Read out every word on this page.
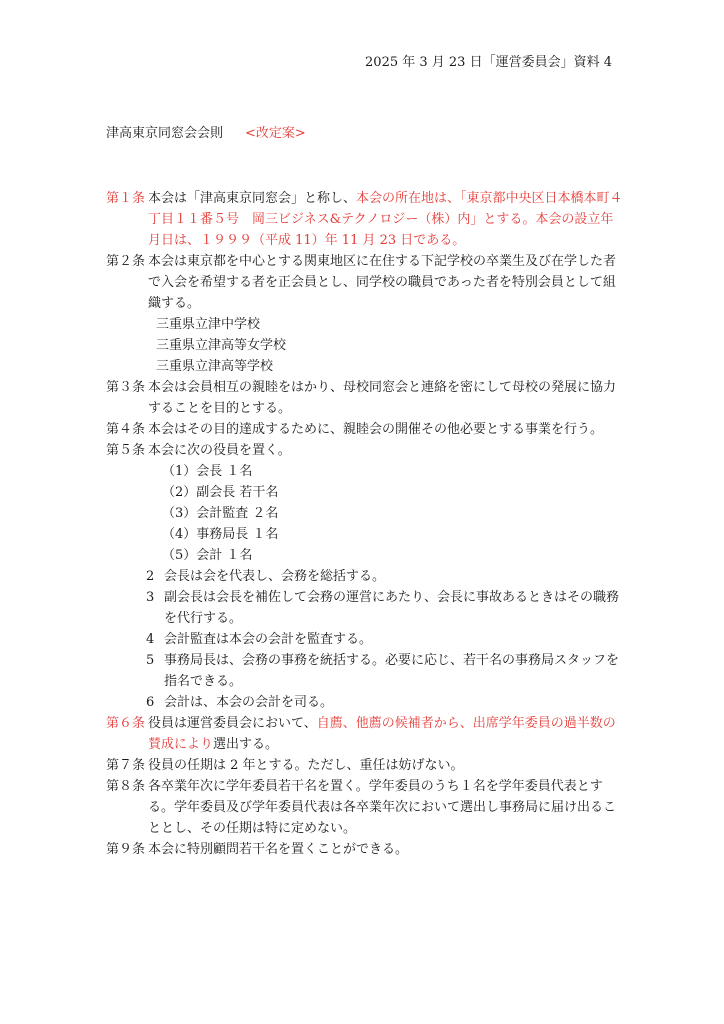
2025 年 3 月 23 日「運営委員会」資料 4
津高東京同窓会会則 <改定案>
第１条 本会は「津高東京同窓会」と称し、本会の所在地は、「東京都中央区日本橋本町４丁目１１番５号　岡三ビジネス&テクノロジー（株）内」とする。本会の設立年月日は、１９９９（平成 11）年 11 月 23 日である。
第２条 本会は東京都を中心とする関東地区に在住する下記学校の卒業生及び在学した者で入会を希望する者を正会員とし、同学校の職員であった者を特別会員として組織する。
三重県立津中学校
三重県立津高等女学校
三重県立津高等学校
第３条 本会は会員相互の親睦をはかり、母校同窓会と連絡を密にして母校の発展に協力することを目的とする。
第４条 本会はその目的達成するために、親睦会の開催その他必要とする事業を行う。
第５条 本会に次の役員を置く。
（1）会長 １名
（2）副会長 若干名
（3）会計監査 ２名
（4）事務局長 １名
（5）会計 １名
2 会長は会を代表し、会務を総括する。
3 副会長は会長を補佐して会務の運営にあたり、会長に事故あるときはその職務を代行する。
4 会計監査は本会の会計を監査する。
5 事務局長は、会務の事務を統括する。必要に応じ、若干名の事務局スタッフを指名できる。
6 会計は、本会の会計を司る。
第６条 役員は運営委員会において、自薦、他薦の候補者から、出席学年委員の過半数の賛成により選出する。
第７条 役員の任期は 2 年とする。ただし、重任は妨げない。
第８条 各卒業年次に学年委員若干名を置く。学年委員のうち１名を学年委員代表とする。学年委員及び学年委員代表は各卒業年次において選出し事務局に届け出ることとし、その任期は特に定めない。
第９条 本会に特別顧問若干名を置くことができる。
